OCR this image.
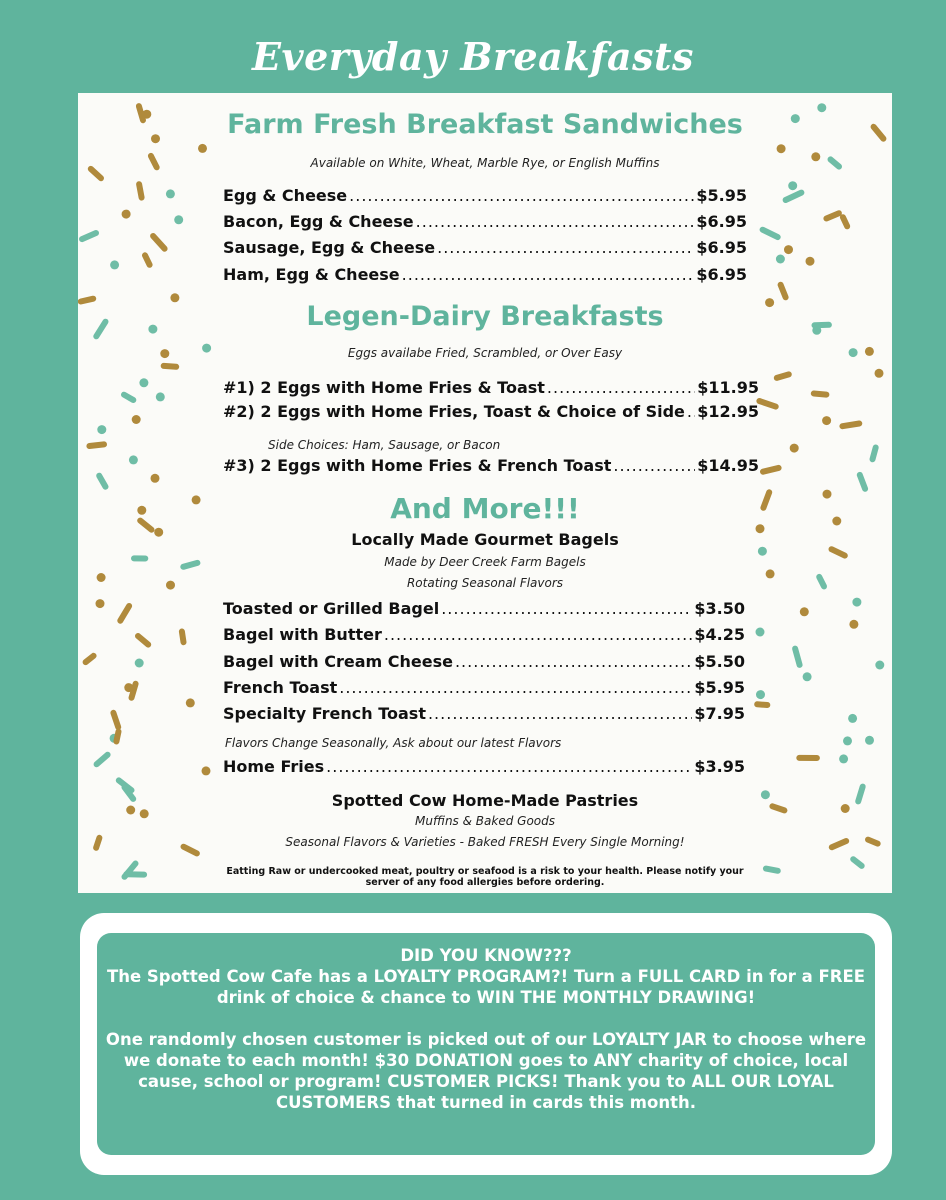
Everyday Breakfasts
Farm Fresh Breakfast Sandwiches
Available on White, Wheat, Marble Rye, or English Muffins
Egg & Cheese .....	$5.95
Bacon, Egg & Cheese .....	$6.95
Sausage, Egg & Cheese .....	$6.95
Ham, Egg & Cheese .....	$6.95
Legen-Dairy Breakfasts
Eggs availabe Fried, Scrambled, or Over Easy
#1) 2 Eggs with Home Fries & Toast .....	$11.95
#2) 2 Eggs with Home Fries, Toast & Choice of Side ..... $12.95
Side Choices: Ham, Sausage, or Bacon
#3) 2 Eggs with Home Fries & French Toast .....	$14.95
And More!!!
Locally Made Gourmet Bagels
Made by Deer Creek Farm Bagels
Rotating Seasonal Flavors
Toasted or Grilled Bagel .....	$3.50
Bagel with Butter .....	$4.25
Bagel with Cream Cheese .....	$5.50
French Toast .....	$5.95
Specialty French Toast .....	$7.95
Flavors Change Seasonally, Ask about our latest Flavors
Home Fries .....	$3.95
Spotted Cow Home-Made Pastries
Muffins & Baked Goods
Seasonal Flavors & Varieties - Baked FRESH Every Single Morning!
Eatting Raw or undercooked meat, poultry or seafood is a risk to your health. Please notify your server of any food allergies before ordering.
DID YOU KNOW???
The Spotted Cow Cafe has a LOYALTY PROGRAM?! Turn a FULL CARD in for a FREE drink of choice & chance to WIN THE MONTHLY DRAWING!
One randomly chosen customer is picked out of our LOYALTY JAR to choose where we donate to each month! $30 DONATION goes to ANY charity of choice, local cause, school or program! CUSTOMER PICKS! Thank you to ALL OUR LOYAL CUSTOMERS that turned in cards this month.
